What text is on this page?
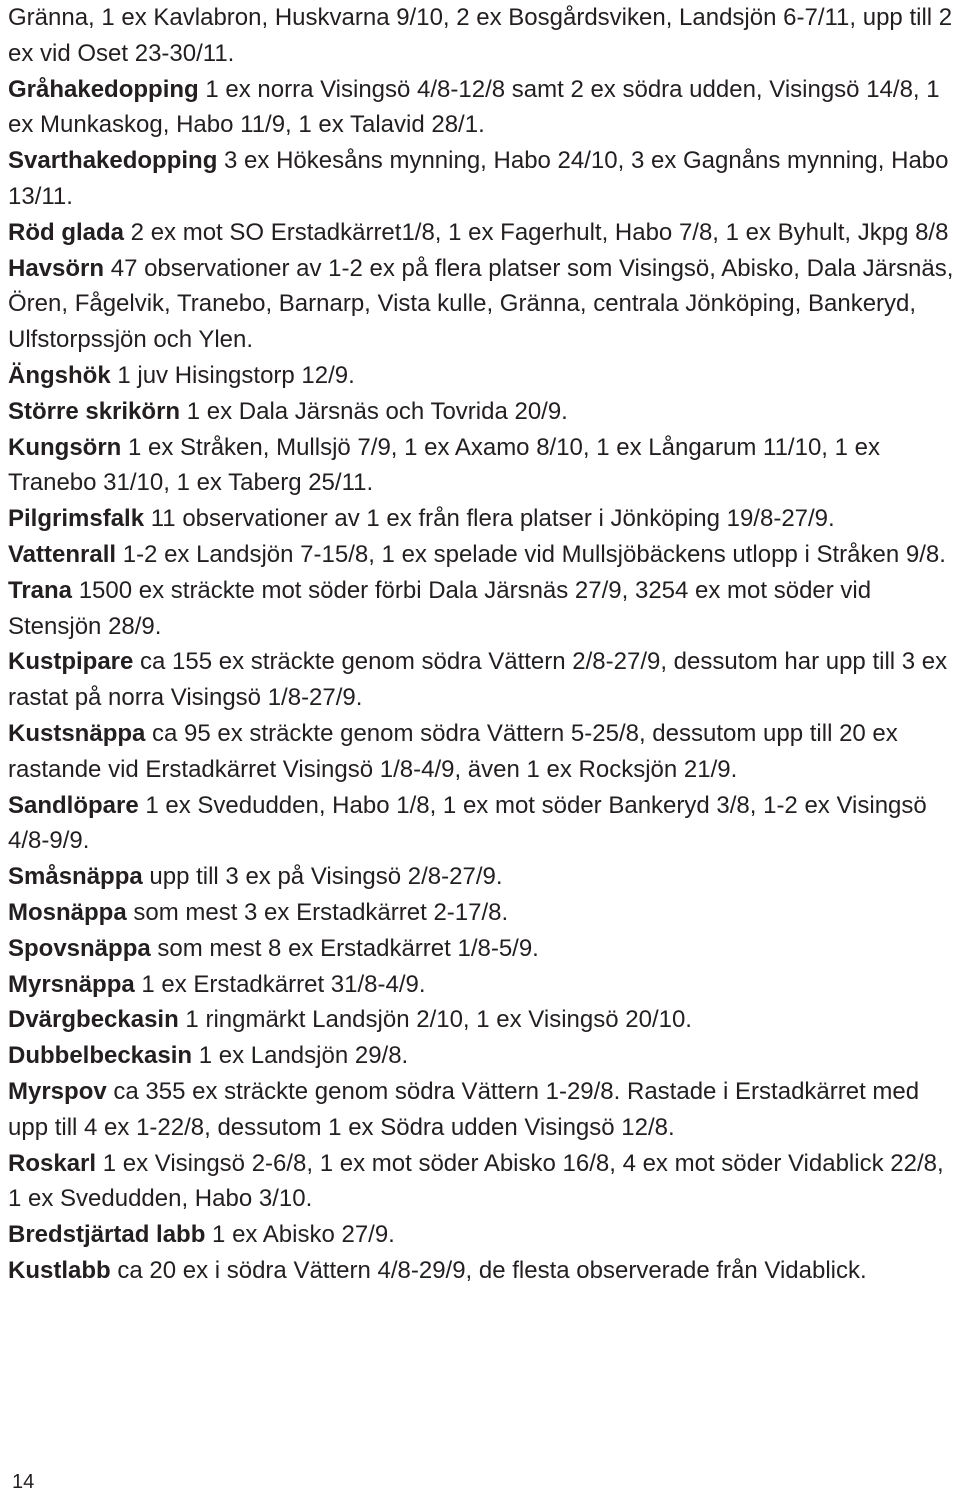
Gränna, 1 ex Kavlabron, Huskvarna 9/10, 2 ex Bosgårdsviken, Landsjön 6-7/11, upp till 2 ex vid Oset 23-30/11.

Gråhakedopping 1 ex norra Visingsö 4/8-12/8 samt 2 ex södra udden, Visingsö 14/8, 1 ex Munkaskog, Habo 11/9, 1 ex Talavid 28/1.

Svarthakedopping 3 ex Hökesåns mynning, Habo 24/10, 3 ex Gagnåns mynning, Habo 13/11.

Röd glada 2 ex mot SO Erstadkärret1/8, 1 ex Fagerhult, Habo 7/8, 1 ex Byhult, Jkpg 8/8

Havsörn 47 observationer av 1-2 ex på flera platser som Visingsö, Abisko, Dala Järsnäs, Ören, Fågelvik, Tranebo, Barnarp, Vista kulle, Gränna, centrala Jönköping, Bankeryd, Ulfstorpssjön och Ylen.

Ängshök 1 juv Hisingstorp 12/9.

Större skrikörn 1 ex Dala Järsnäs och Tovrida 20/9.

Kungsörn 1 ex Stråken, Mullsjö 7/9, 1 ex Axamo 8/10, 1 ex Långarum 11/10, 1 ex Tranebo 31/10, 1 ex Taberg 25/11.

Pilgrimsfalk 11 observationer av 1 ex från flera platser i Jönköping 19/8-27/9.

Vattenrall 1-2 ex Landsjön 7-15/8, 1 ex spelade vid Mullsjöbäckens utlopp i Stråken 9/8.

Trana 1500 ex sträckte mot söder förbi Dala Järsnäs 27/9, 3254 ex mot söder vid Stensjön 28/9.

Kustpipare ca 155 ex sträckte genom södra Vättern 2/8-27/9, dessutom har upp till 3 ex rastat på norra Visingsö 1/8-27/9.

Kustsnäppa ca 95 ex sträckte genom södra Vättern 5-25/8, dessutom upp till 20 ex rastande vid Erstadkärret Visingsö 1/8-4/9, även 1 ex Rocksjön 21/9.

Sandlöpare 1 ex Svedudden, Habo 1/8, 1 ex mot söder Bankeryd 3/8, 1-2 ex Visingsö 4/8-9/9.

Småsnäppa upp till 3 ex på Visingsö 2/8-27/9.

Mosnäppa som mest 3 ex Erstadkärret 2-17/8.

Spovsnäppa som mest 8 ex Erstadkärret 1/8-5/9.

Myrsnäppa 1 ex Erstadkärret 31/8-4/9.

Dvärgbeckasin 1 ringmärkt Landsjön 2/10, 1 ex Visingsö 20/10.

Dubbelbeckasin 1 ex Landsjön 29/8.

Myrspov ca 355 ex sträckte genom södra Vättern 1-29/8. Rastade i Erstadkärret med upp till 4 ex 1-22/8, dessutom 1 ex Södra udden Visingsö 12/8.

Roskarl 1 ex Visingsö 2-6/8, 1 ex mot söder Abisko 16/8, 4 ex mot söder Vidablick 22/8, 1 ex Svedudden, Habo 3/10.

Bredstjärtad labb 1 ex Abisko 27/9.

Kustlabb ca 20 ex i södra Vättern 4/8-29/9, de flesta observerade från Vidablick.

14
